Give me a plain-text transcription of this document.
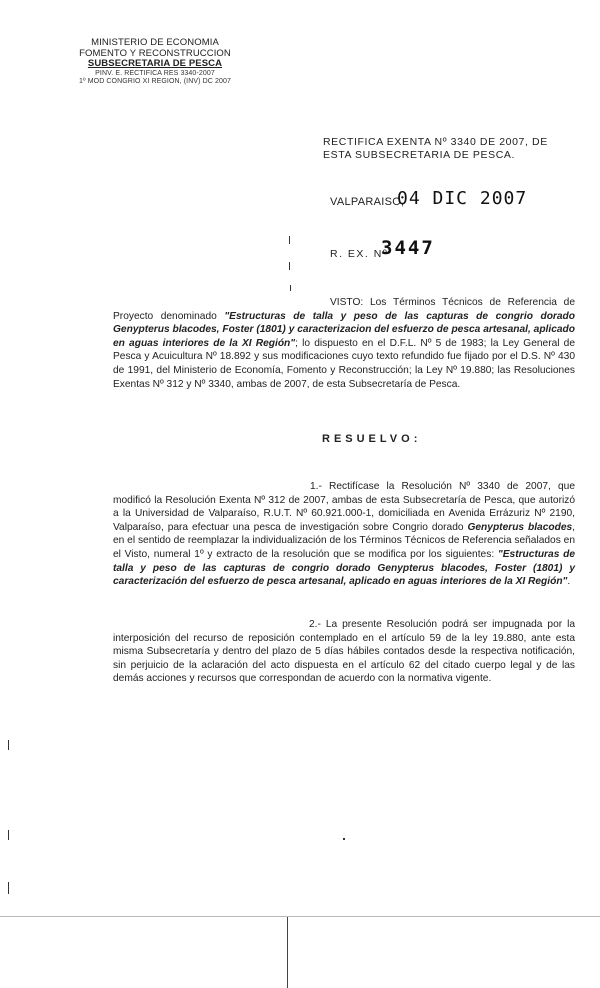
MINISTERIO DE ECONOMIA
FOMENTO Y RECONSTRUCCION
SUBSECRETARIA DE PESCA
PINV. E. RECTIFICA RES 3340-2007
1º MOD CONGRIO XI REGION, (INV) DC 2007
RECTIFICA EXENTA Nº 3340 DE 2007, DE ESTA SUBSECRETARIA DE PESCA.
VALPARAISO,
04 DIC 2007
R. EX. Nº
3447
VISTO: Los Términos Técnicos de Referencia de Proyecto denominado "Estructuras de talla y peso de las capturas de congrio dorado Genypterus blacodes, Foster (1801) y caracterizacion del esfuerzo de pesca artesanal, aplicado en aguas interiores de la XI Región"; lo dispuesto en el D.F.L. Nº 5 de 1983; la Ley General de Pesca y Acuicultura Nº 18.892 y sus modificaciones cuyo texto refundido fue fijado por el D.S. Nº 430 de 1991, del Ministerio de Economía, Fomento y Reconstrucción; la Ley Nº 19.880; las Resoluciones Exentas Nº 312 y Nº 3340, ambas de 2007, de esta Subsecretaría de Pesca.
RESUELVO:
1.- Rectifícase la Resolución Nº 3340 de 2007, que modificó la Resolución Exenta Nº 312 de 2007, ambas de esta Subsecretaría de Pesca, que autorizó a la Universidad de Valparaíso, R.U.T. Nº 60.921.000-1, domiciliada en Avenida Errázuriz Nº 2190, Valparaíso, para efectuar una pesca de investigación sobre Congrio dorado Genypterus blacodes, en el sentido de reemplazar la individualización de los Términos Técnicos de Referencia señalados en el Visto, numeral 1º y extracto de la resolución que se modifica por los siguientes: "Estructuras de talla y peso de las capturas de congrio dorado Genypterus blacodes, Foster (1801) y caracterización del esfuerzo de pesca artesanal, aplicado en aguas interiores de la XI Región".
2.- La presente Resolución podrá ser impugnada por la interposición del recurso de reposición contemplado en el artículo 59 de la ley 19.880, ante esta misma Subsecretaría y dentro del plazo de 5 días hábiles contados desde la respectiva notificación, sin perjuicio de la aclaración del acto dispuesta en el artículo 62 del citado cuerpo legal y de las demás acciones y recursos que correspondan de acuerdo con la normativa vigente.
